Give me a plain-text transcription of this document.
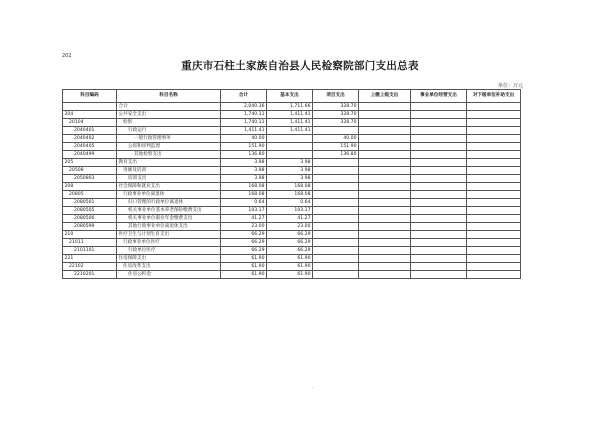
202
重庆市石柱土家族自治县人民检察院部门支出总表
单位：万元
科目编码	科目名称	合计	基本支出	项目支出	上缴上级支出	事业单位经营支出	对下级单位补助支出
	合计	2,040.36	1,711.66	328.70			
204	公共安全支出	1,740.11	1,411.41	328.70			
20104	检察	1,740.11	1,411.41	328.70			
2040401	行政运行	1,411.41	1,411.41				
2040402	一般行政管理事务	40.00		40.00			
2040405	公诉和审判监督	151.90		151.90			
2040499	其他检察支出	136.80		136.80			
205	教育支出	3.98	3.98				
20508	进修及培训	3.98	3.98				
2050803	培训支出	3.98	3.98				
208	社会保障和就业支出	168.08	168.08				
20805	行政事业单位离退休	168.08	168.08				
2080501	归口管理的行政单位离退休	0.64	0.64				
2080505	机关事业单位基本养老保险缴费支出	103.17	103.17				
2080506	机关事业单位职业年金缴费支出	41.27	41.27				
2080599	其他行政事业单位离退休支出	23.00	23.00				
210	医疗卫生与计划生育支出	66.29	66.29				
21011	行政事业单位医疗	66.29	66.29				
2101101	行政单位医疗	66.29	66.29				
221	住房保障支出	61.90	61.90				
22102	住房改革支出	61.90	61.90				
2210201	住房公积金	61.90	61.90				
·
